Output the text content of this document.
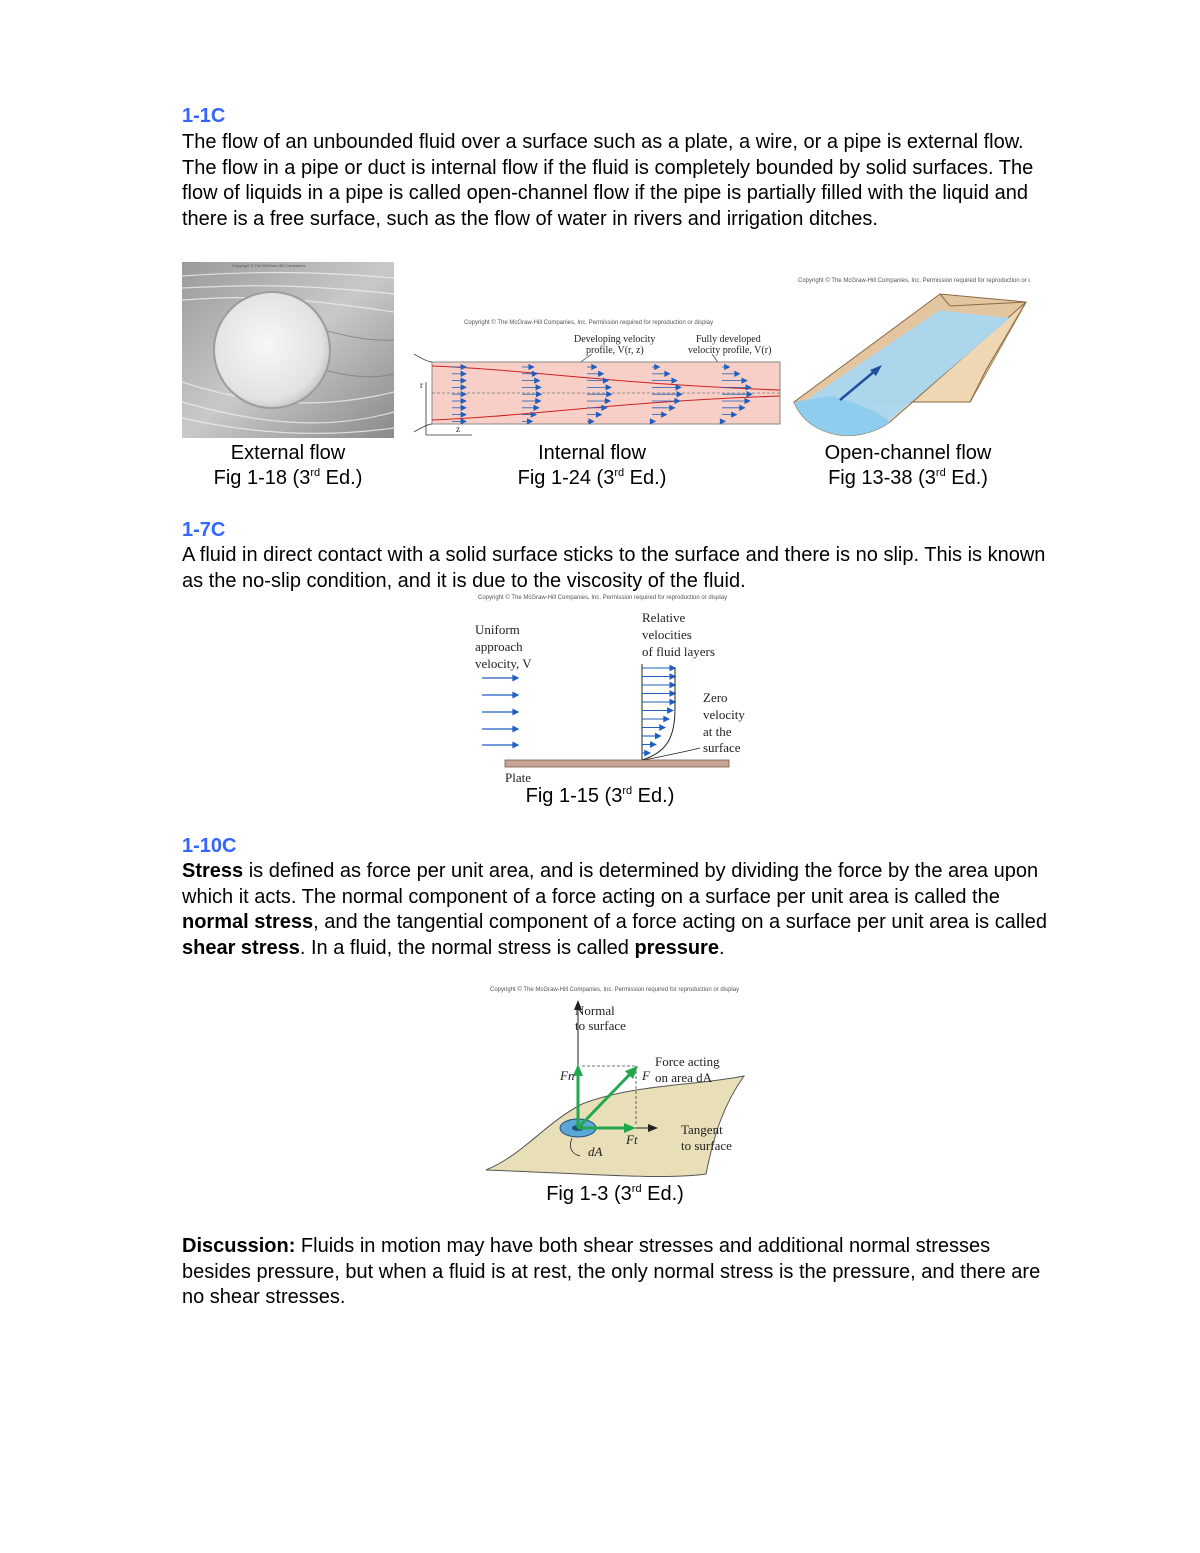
1-1C
The flow of an unbounded fluid over a surface such as a plate, a wire, or a pipe is external flow. The flow in a pipe or duct is internal flow if the fluid is completely bounded by solid surfaces. The flow of liquids in a pipe is called open-channel flow if the pipe is partially filled with the liquid and there is a free surface, such as the flow of water in rivers and irrigation ditches.
Copyright © The McGraw-Hill Companies
Copyright © The McGraw-Hill Companies, Inc. Permission required for reproduction or display
Developing velocity
profile, V(r, z)
Fully developed
velocity profile, V(r)
r
z
Copyright © The McGraw-Hill Companies, Inc. Permission required for reproduction or display
External flow
Fig 1-18 (3rd Ed.)
Internal flow
Fig 1-24 (3rd Ed.)
Open-channel flow
Fig 13-38 (3rd Ed.)
1-7C
A fluid in direct contact with a solid surface sticks to the surface and there is no slip. This is known as the no-slip condition, and it is due to the viscosity of the fluid.
Copyright © The McGraw-Hill Companies, Inc. Permission required for reproduction or display
Uniform
approach
velocity, V
Relative
velocities
of fluid layers
Zero
velocity
at the
surface
Plate
Fig 1-15 (3rd Ed.)
1-10C
Stress is defined as force per unit area, and is determined by dividing the force by the area upon which it acts. The normal component of a force acting on a surface per unit area is called the normal stress, and the tangential component of a force acting on a surface per unit area is called shear stress. In a fluid, the normal stress is called pressure.
Copyright © The McGraw-Hill Companies, Inc. Permission required for reproduction or display
Normal
to surface
Force acting
on area dA
Tangent
to surface
Fn	F
Ft
dA
Fig 1-3 (3rd Ed.)
Discussion: Fluids in motion may have both shear stresses and additional normal stresses besides pressure, but when a fluid is at rest, the only normal stress is the pressure, and there are no shear stresses.
